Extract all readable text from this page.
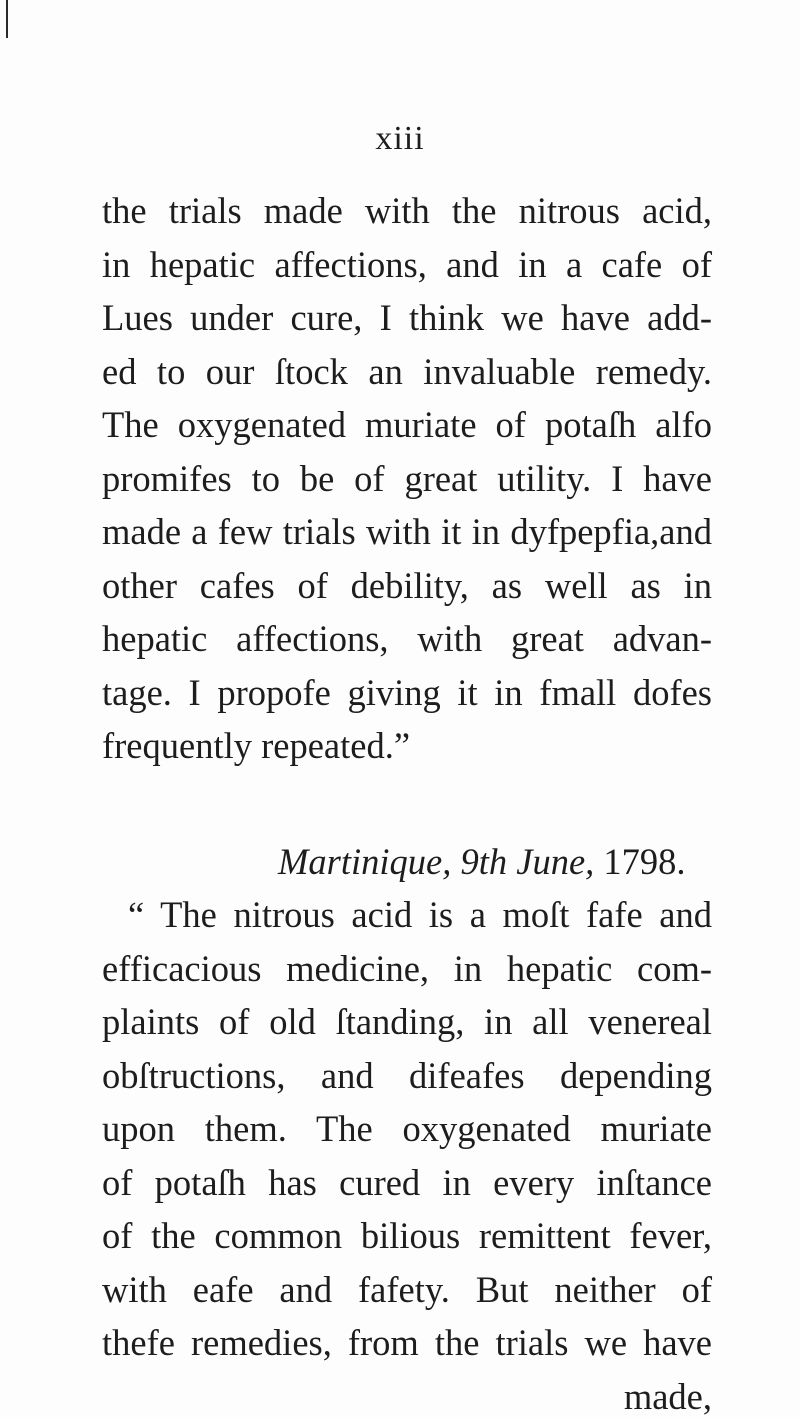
xiii
the trials made with the nitrous acid,
in hepatic affections, and in a cafe of
Lues under cure, I think we have add-
ed to our ſtock an invaluable remedy.
The oxygenated muriate of potaſh alfo
promifes to be of great utility. I have
made a few trials with it in dyfpepfia,and
other cafes of debility, as well as in
hepatic affections, with great advan-
tage. I propofe giving it in fmall dofes
frequently repeated.”
Martinique, 9th June, 1798.
“ The nitrous acid is a moſt fafe and
efficacious medicine, in hepatic com-
plaints of old ſtanding, in all venereal
obſtructions, and difeafes depending
upon them. The oxygenated muriate
of potaſh has cured in every inſtance
of the common bilious remittent fever,
with eafe and fafety. But neither of
thefe remedies, from the trials we have
made,
